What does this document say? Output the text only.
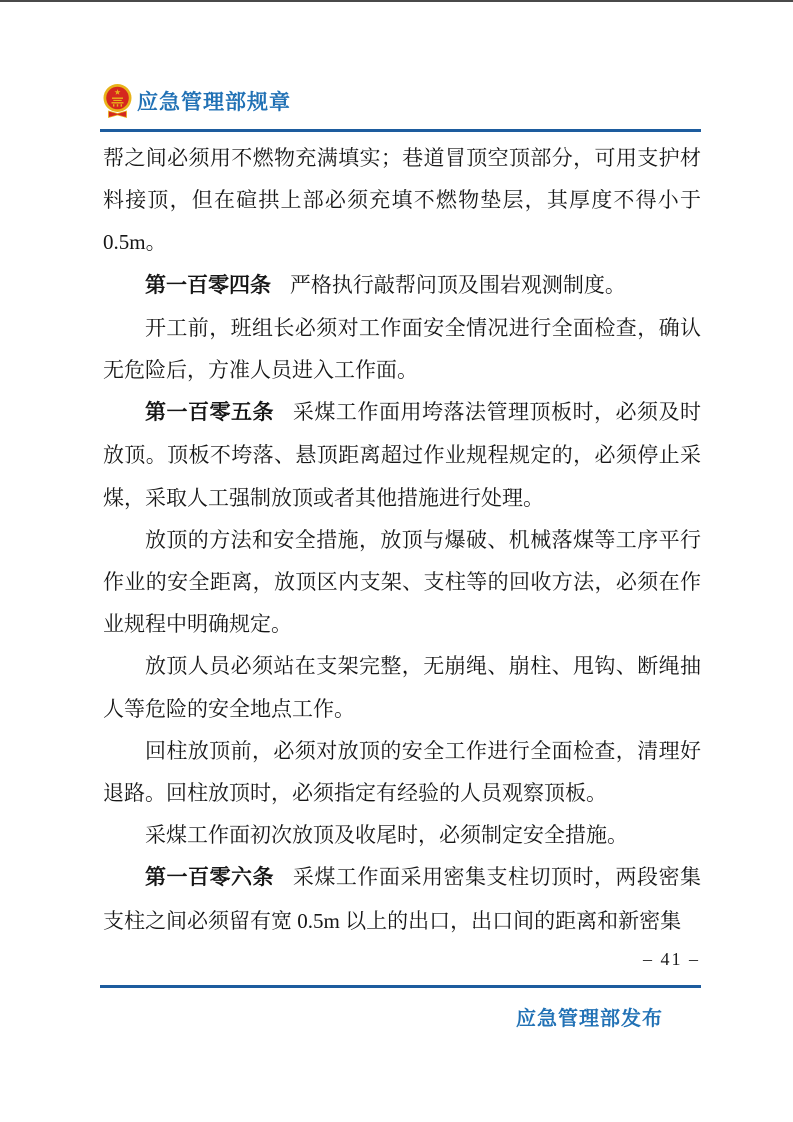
应急管理部规章

帮之间必须用不燃物充满填实；巷道冒顶空顶部分，可用支护材料接顶，但在碹拱上部必须充填不燃物垫层，其厚度不得小于0.5m。

第一百零四条 严格执行敲帮问顶及围岩观测制度。

开工前，班组长必须对工作面安全情况进行全面检查，确认无危险后，方准人员进入工作面。

第一百零五条 采煤工作面用垮落法管理顶板时，必须及时放顶。顶板不垮落、悬顶距离超过作业规程规定的，必须停止采煤，采取人工强制放顶或者其他措施进行处理。

放顶的方法和安全措施，放顶与爆破、机械落煤等工序平行作业的安全距离，放顶区内支架、支柱等的回收方法，必须在作业规程中明确规定。

放顶人员必须站在支架完整，无崩绳、崩柱、甩钩、断绳抽人等危险的安全地点工作。

回柱放顶前，必须对放顶的安全工作进行全面检查，清理好退路。回柱放顶时，必须指定有经验的人员观察顶板。

采煤工作面初次放顶及收尾时，必须制定安全措施。

第一百零六条 采煤工作面采用密集支柱切顶时，两段密集支柱之间必须留有宽 0.5m 以上的出口，出口间的距离和新密集

– 41 –
应急管理部发布
